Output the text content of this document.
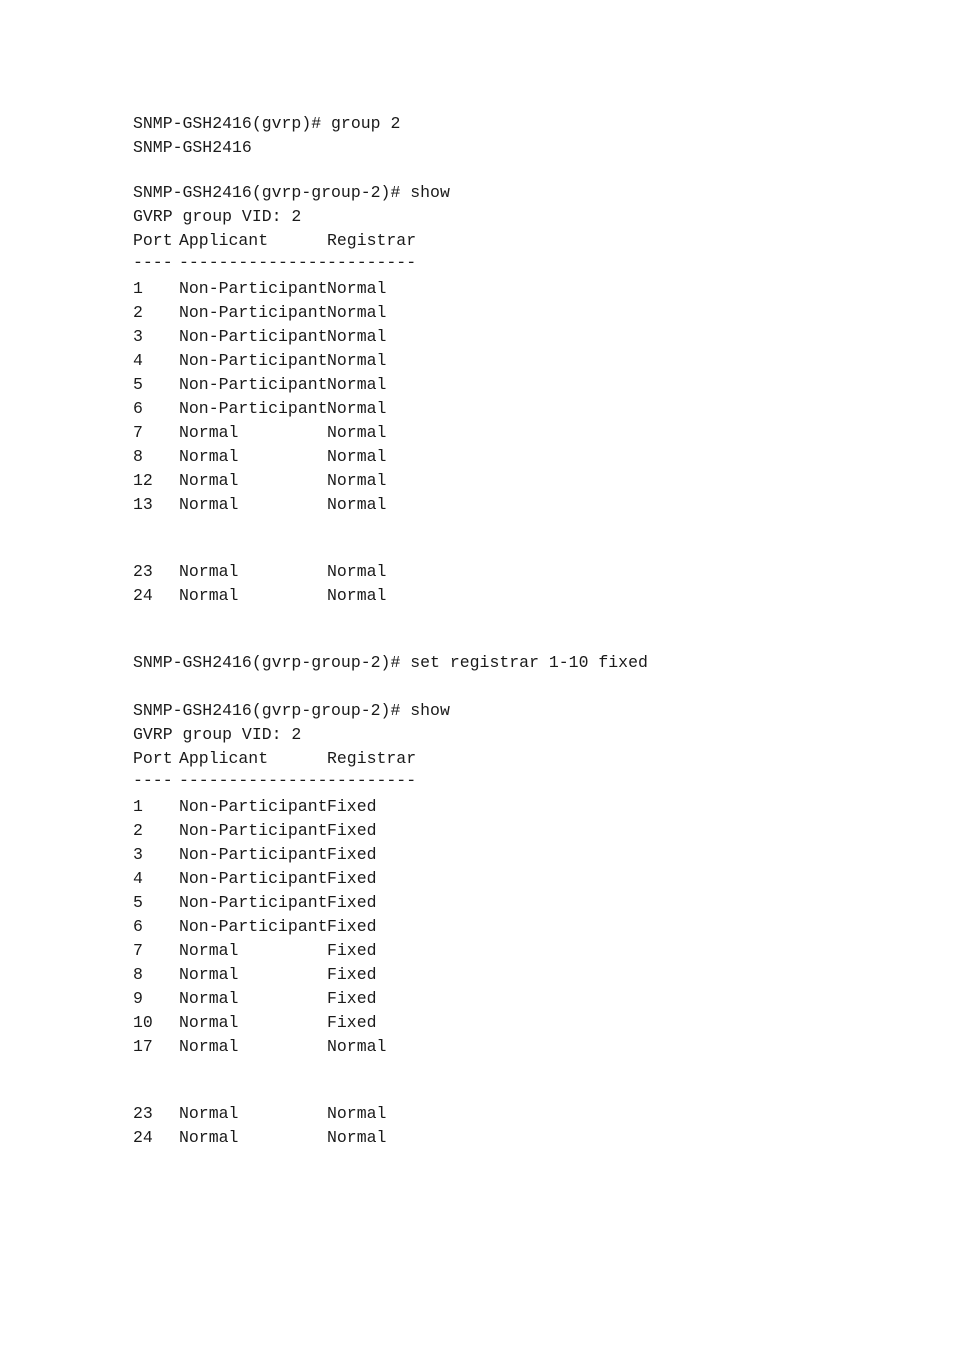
SNMP-GSH2416(gvrp)# group 2
SNMP-GSH2416
SNMP-GSH2416(gvrp-group-2)# show
GVRP group VID: 2
Port Applicant	Registrar
---- --------------- ---------
1	Non-Participant Normal
2	Non-Participant Normal
3	Non-Participant Normal
4	Non-Participant Normal
5	Non-Participant Normal
6	Non-Participant Normal
7	Normal	Normal
8	Normal	Normal
12	Normal	Normal
13	Normal	Normal
23	Normal	Normal
24	Normal	Normal
SNMP-GSH2416(gvrp-group-2)# set registrar 1-10 fixed
SNMP-GSH2416(gvrp-group-2)# show
GVRP group VID: 2
Port Applicant	Registrar
---- --------------- ---------
1	Non-Participant Fixed
2	Non-Participant Fixed
3	Non-Participant Fixed
4	Non-Participant Fixed
5	Non-Participant Fixed
6	Non-Participant Fixed
7	Normal	Fixed
8	Normal	Fixed
9	Normal	Fixed
10	Normal	Fixed
17	Normal	Normal
23	Normal	Normal
24	Normal	Normal
